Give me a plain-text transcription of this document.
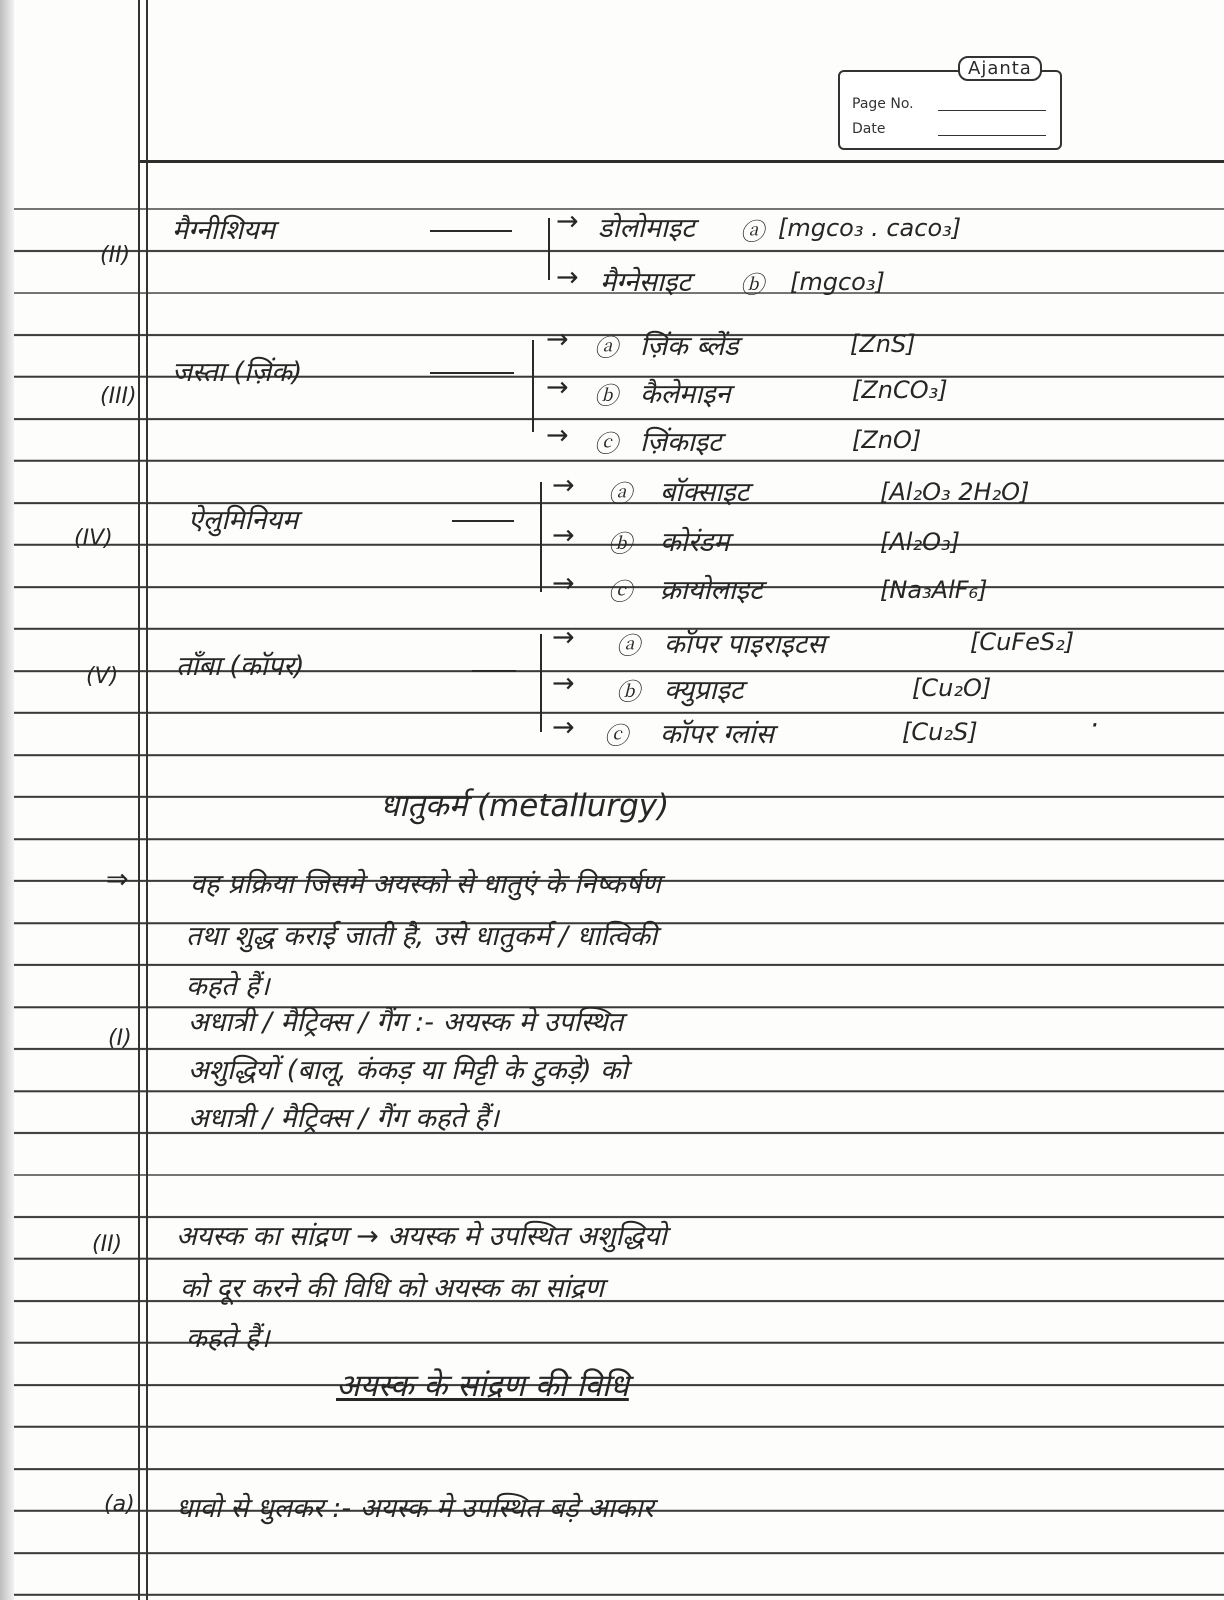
Ajanta
Page No.
Date
(II)
मैग्नीशियम	→ डोलोमाइट ⓐ [mgco₃ . caco₃]
→ मैग्नेसाइट ⓑ [mgco₃]
(III)
जस्ता (ज़िंक)
→ ⓐ ज़िंक ब्लेंड	[ZnS]
→ ⓑ कैलेमाइन	[ZnCO₃]
→ ⓒ ज़िंकाइट	[ZnO]
(IV)
ऐलुमिनियम
→ ⓐ बॉक्साइट	[Al₂O₃ 2H₂O]
→ ⓑ कोरंडम	[Al₂O₃]
→ ⓒ क्रायोलाइट	[Na₃AlF₆]
(V) ताँबा (कॉपर)
→ ⓐ कॉपर पाइराइटस	[CuFeS₂]
→ ⓑ क्युप्राइट	[Cu₂O]
→ ⓒ कॉपर ग्लांस	[Cu₂S]	·
धातुकर्म (metallurgy)
⇒ वह प्रक्रिया जिसमे अयस्को से धातुएं के निष्कर्षण
तथा शुद्ध कराई जाती है, उसे धातुकर्म / धात्विकी
कहते हैं।
(I)
अधात्री / मैट्रिक्स / गैंग :- अयस्क मे उपस्थित
अशुद्धियों (बालू, कंकड़ या मिट्टी के टुकड़े) को
अधात्री / मैट्रिक्स / गैंग कहते हैं।
(II) अयस्क का सांद्रण → अयस्क मे उपस्थित अशुद्धियो
को दूर करने की विधि को अयस्क का सांद्रण
कहते हैं।
अयस्क के सांद्रण की विधि
(a) धावो से धुलकर :- अयस्क मे उपस्थित बड़े आकार
